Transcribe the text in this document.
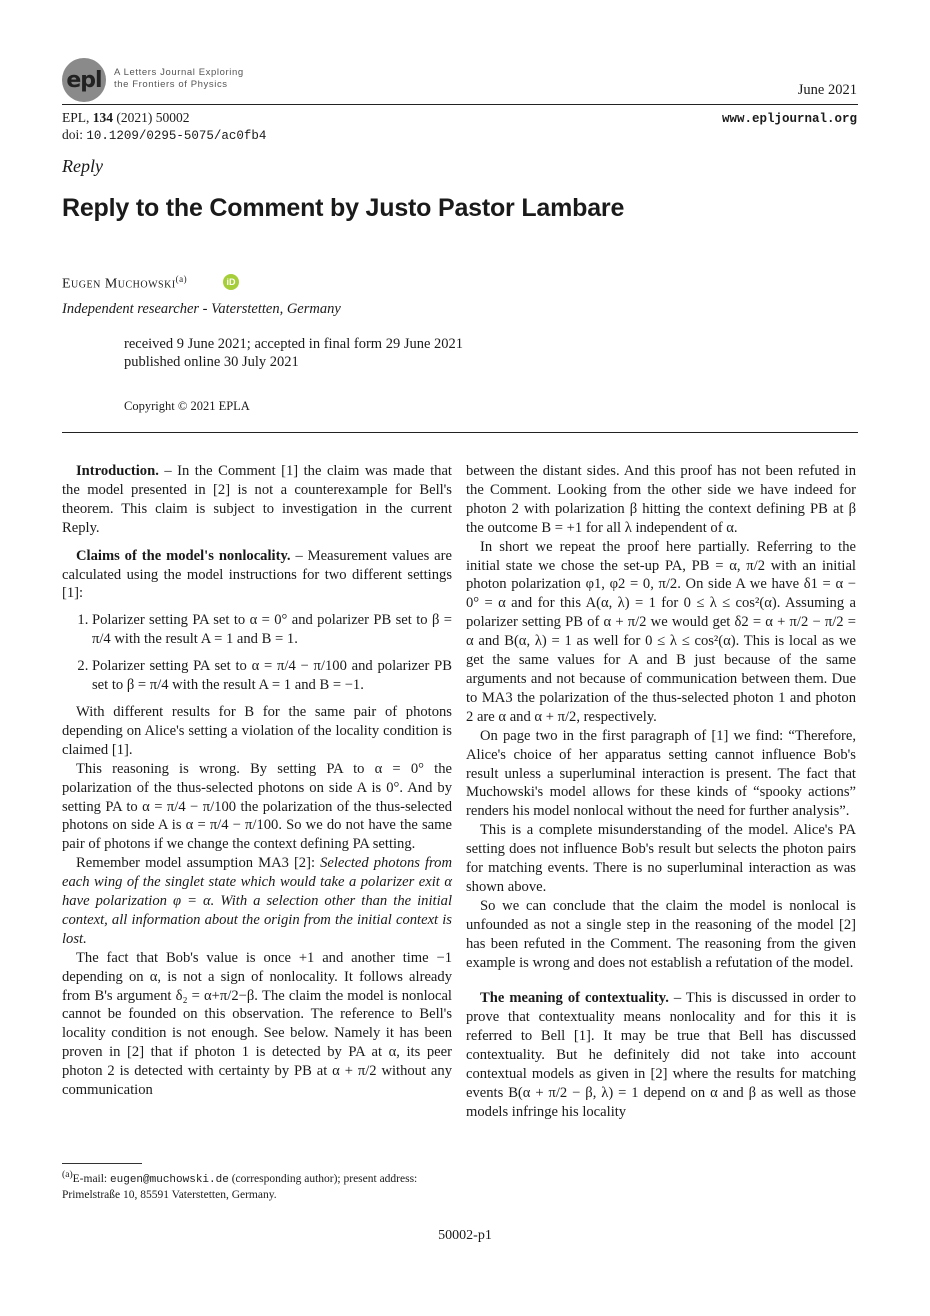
epl	A Letters Journal Exploring
the Frontiers of Physics	June 2021
EPL, 134 (2021) 50002
doi: 10.1209/0295-5075/ac0fb4
www.epljournal.org
Reply
Reply to the Comment by Justo Pastor Lambare
Eugen Muchowski$^{(a)}$	iD
Independent researcher - Vaterstetten, Germany
received 9 June 2021; accepted in final form 29 June 2021
published online 30 July 2021
Copyright © 2021 EPLA

Introduction. – In the Comment [1] the claim was made that the model presented in [2] is not a counterexample for Bell's theorem. This claim is subject to investigation in the current Reply.

Claims of the model's nonlocality. – Measurement values are calculated using the model instructions for two different settings [1]:

1. Polarizer setting PA set to α = 0° and polarizer PB set to β = π/4 with the result A = 1 and B = 1.
2. Polarizer setting PA set to α = π/4 − π/100 and polarizer PB set to β = π/4 with the result A = 1 and B = −1.

With different results for B for the same pair of photons depending on Alice's setting a violation of the locality condition is claimed [1].

This reasoning is wrong. By setting PA to α = 0° the polarization of the thus-selected photons on side A is 0°. And by setting PA to α = π/4 − π/100 the polarization of the thus-selected photons on side A is α = π/4 − π/100. So we do not have the same pair of photons if we change the context defining PA setting.

Remember model assumption MA3 [2]: Selected photons from each wing of the singlet state which would take a polarizer exit α have polarization φ = α. With a selection other than the initial context, all information about the origin from the initial context is lost.

The fact that Bob's value is once +1 and another time −1 depending on α, is not a sign of nonlocality. It follows already from B's argument δ₂ = α+π/2−β. The claim the model is nonlocal cannot be founded on this observation. The reference to Bell's locality condition is not enough. See below. Namely it has been proven in [2] that if photon 1 is detected by PA at α, its peer photon 2 is detected with certainty by PB at α + π/2 without any communication

$^{(a)}$E-mail: eugen@muchowski.de (corresponding author); present address: Primelstraße 10, 85591 Vaterstetten, Germany.

between the distant sides. And this proof has not been refuted in the Comment. Looking from the other side we have indeed for photon 2 with polarization β hitting the context defining PB at β the outcome B = +1 for all λ independent of α.

In short we repeat the proof here partially. Referring to the initial state we chose the set-up PA, PB = α, π/2 with an initial photon polarization φ1, φ2 = 0, π/2. On side A we have δ1 = α − 0° = α and for this A(α, λ) = 1 for 0 ≤ λ ≤ cos²(α). Assuming a polarizer setting PB of α + π/2 we would get δ2 = α + π/2 − π/2 = α and B(α, λ) = 1 as well for 0 ≤ λ ≤ cos²(α). This is local as we get the same values for A and B just because of the same arguments and not because of communication between them. Due to MA3 the polarization of the thus-selected photon 1 and photon 2 are α and α + π/2, respectively.

On page two in the first paragraph of [1] we find: “Therefore, Alice's choice of her apparatus setting cannot influence Bob's result unless a superluminal interaction is present. The fact that Muchowski's model allows for these kinds of “spooky actions” renders his model nonlocal without the need for further analysis”.

This is a complete misunderstanding of the model. Alice's PA setting does not influence Bob's result but selects the photon pairs for matching events. There is no superluminal interaction as was shown above.

So we can conclude that the claim the model is nonlocal is unfounded as not a single step in the reasoning of the model [2] has been refuted in the Comment. The reasoning from the given example is wrong and does not establish a refutation of the model.

The meaning of contextuality. – This is discussed in order to prove that contextuality means nonlocality and for this it is referred to Bell [1]. It may be true that Bell has discussed contextuality. But he definitely did not take into account contextual models as given in [2] where the results for matching events B(α + π/2 − β, λ) = 1 depend on α and β as well as those models infringe his locality

50002-p1
